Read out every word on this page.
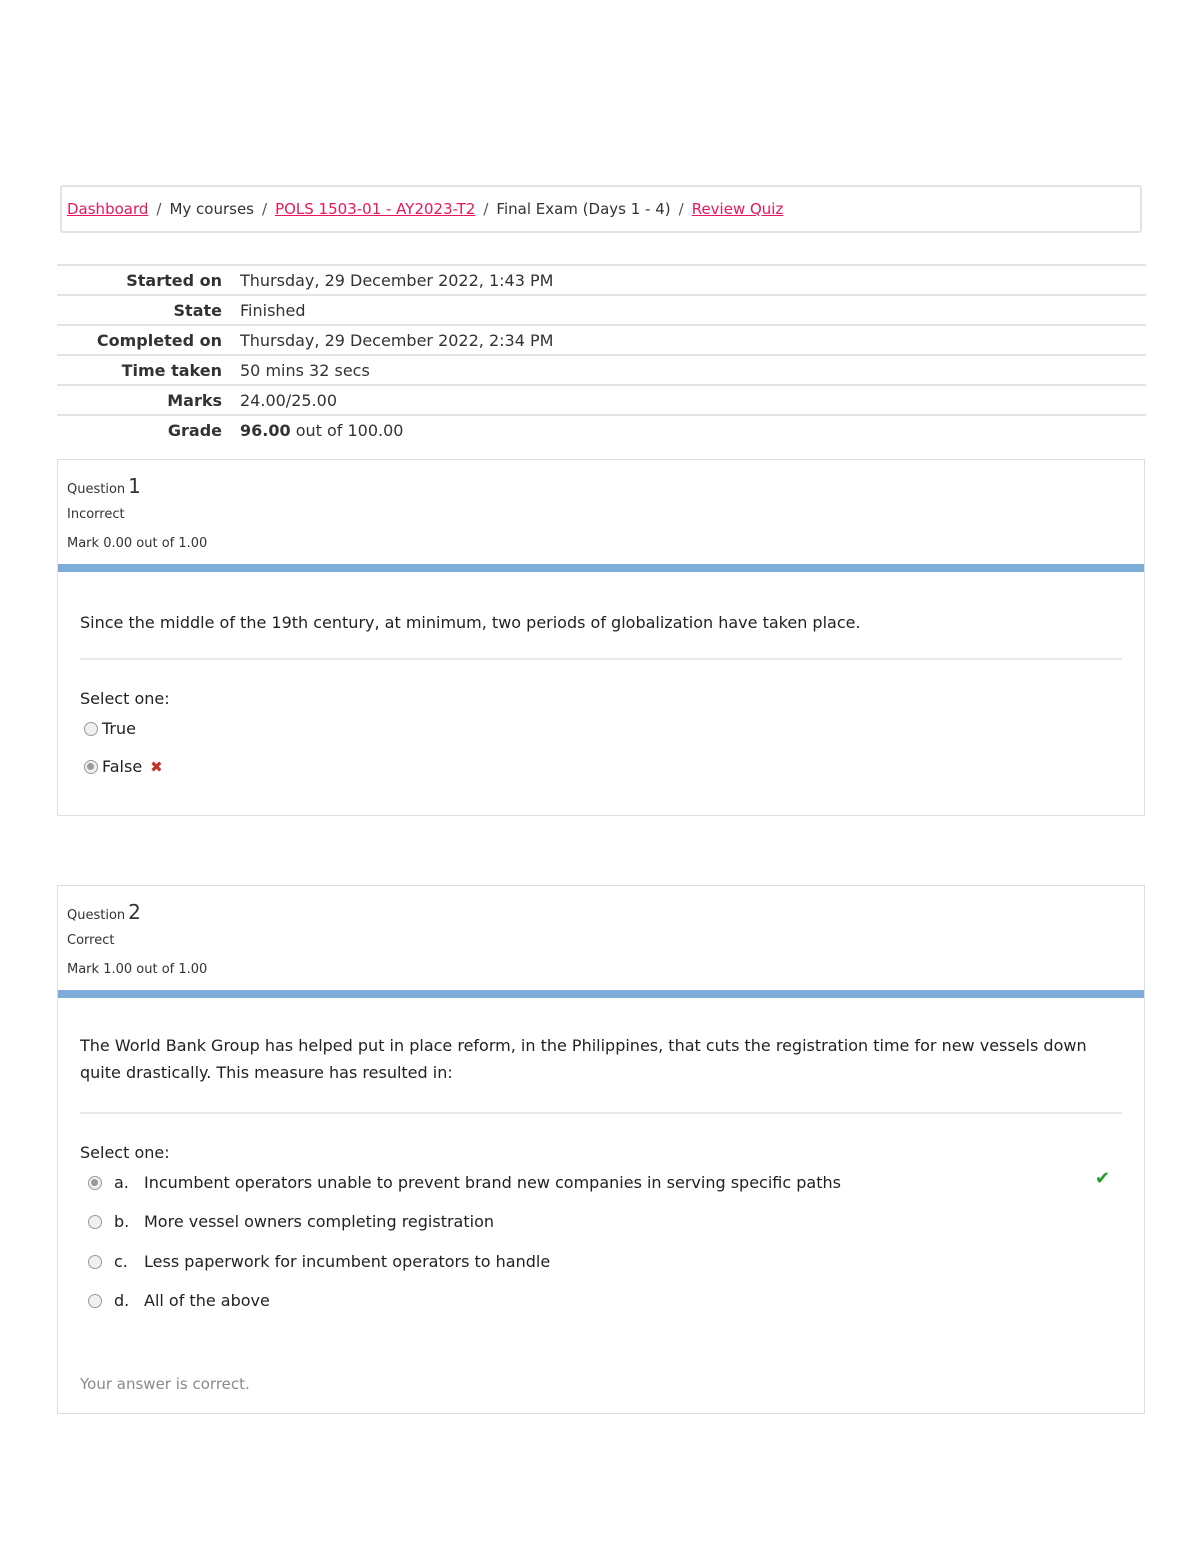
Dashboard / My courses / POLS 1503-01 - AY2023-T2 / Final Exam (Days 1 - 4) / Review Quiz
Started on	Thursday, 29 December 2022, 1:43 PM
State	Finished
Completed on	Thursday, 29 December 2022, 2:34 PM
Time taken	50 mins 32 secs
Marks	24.00/25.00
Grade	96.00 out of 100.00
Question 1
Incorrect
Mark 0.00 out of 1.00
Since the middle of the 19th century, at minimum, two periods of globalization have taken place.
Select one:
True
False ✖
Question 2
Correct
Mark 1.00 out of 1.00
The World Bank Group has helped put in place reform, in the Philippines, that cuts the registration time for new vessels down quite drastically. This measure has resulted in:
Select one:
a. Incumbent operators unable to prevent brand new companies in serving specific paths	✔
b. More vessel owners completing registration
c.	Less paperwork for incumbent operators to handle
d. All of the above
Your answer is correct.
